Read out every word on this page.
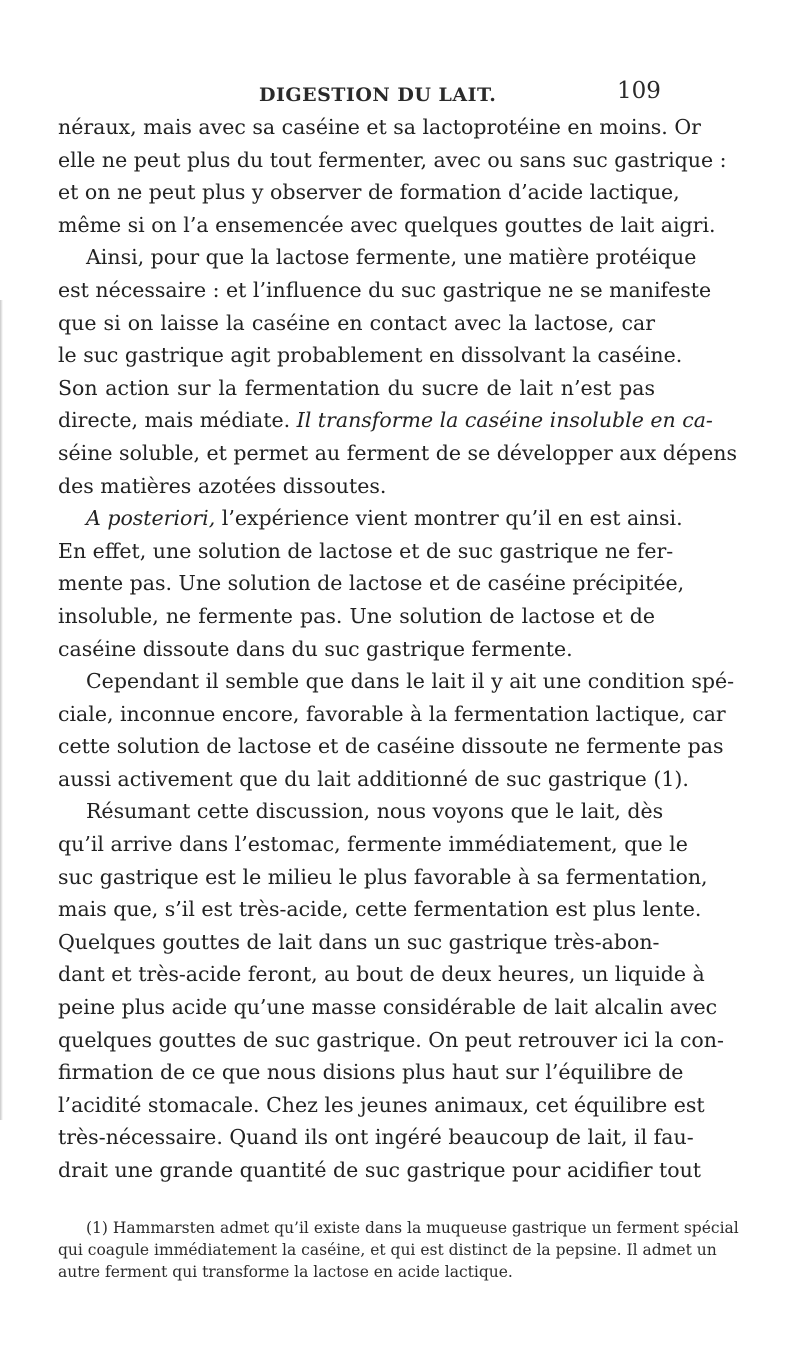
DIGESTION DU LAIT.	109
néraux, mais avec sa caséine et sa lactoprotéine en moins. Or
elle ne peut plus du tout fermenter, avec ou sans suc gastrique :
et on ne peut plus y observer de formation d’acide lactique,
même si on l’a ensemencée avec quelques gouttes de lait aigri.
Ainsi, pour que la lactose fermente, une matière protéique
est nécessaire : et l’influence du suc gastrique ne se manifeste
que si on laisse la caséine en contact avec la lactose, car
le suc gastrique agit probablement en dissolvant la caséine.
Son action sur la fermentation du sucre de lait n’est pas
directe, mais médiate. Il transforme la caséine insoluble en ca-
séine soluble, et permet au ferment de se développer aux dépens
des matières azotées dissoutes.
A posteriori, l’expérience vient montrer qu’il en est ainsi.
En effet, une solution de lactose et de suc gastrique ne fer-
mente pas. Une solution de lactose et de caséine précipitée,
insoluble, ne fermente pas. Une solution de lactose et de
caséine dissoute dans du suc gastrique fermente.
Cependant il semble que dans le lait il y ait une condition spé-
ciale, inconnue encore, favorable à la fermentation lactique, car
cette solution de lactose et de caséine dissoute ne fermente pas
aussi activement que du lait additionné de suc gastrique (1).
Résumant cette discussion, nous voyons que le lait, dès
qu’il arrive dans l’estomac, fermente immédiatement, que le
suc gastrique est le milieu le plus favorable à sa fermentation,
mais que, s’il est très-acide, cette fermentation est plus lente.
Quelques gouttes de lait dans un suc gastrique très-abon-
dant et très-acide feront, au bout de deux heures, un liquide à
peine plus acide qu’une masse considérable de lait alcalin avec
quelques gouttes de suc gastrique. On peut retrouver ici la con-
firmation de ce que nous disions plus haut sur l’équilibre de
l’acidité stomacale. Chez les jeunes animaux, cet équilibre est
très-nécessaire. Quand ils ont ingéré beaucoup de lait, il fau-
drait une grande quantité de suc gastrique pour acidifier tout
(1) Hammarsten admet qu’il existe dans la muqueuse gastrique un ferment spécial
qui coagule immédiatement la caséine, et qui est distinct de la pepsine. Il admet un
autre ferment qui transforme la lactose en acide lactique.
